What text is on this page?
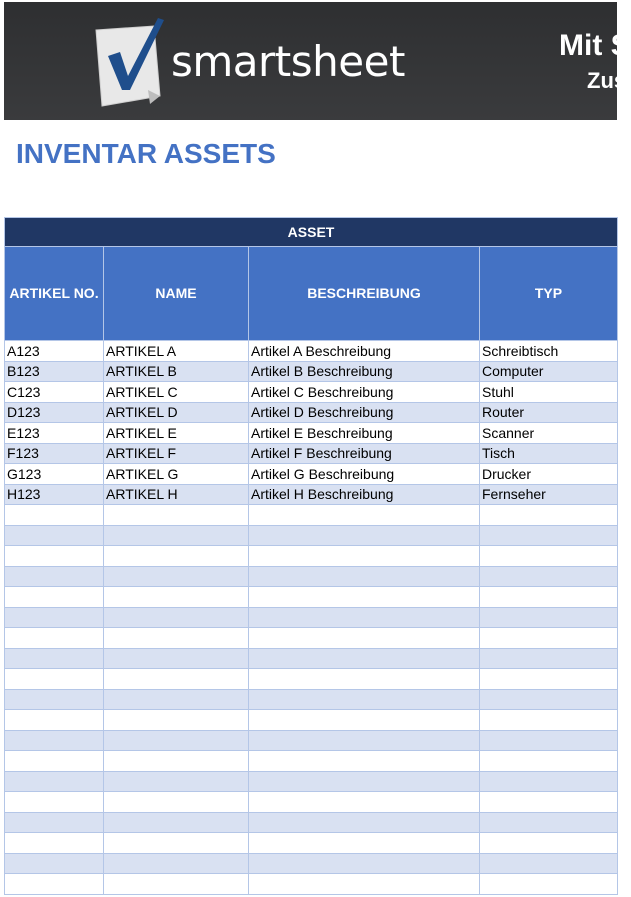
smartsheet	Mit S
Zus
INVENTAR ASSETS
ASSET			
ARTIKEL NO.	NAME	BESCHREIBUNG	TYP
A123	ARTIKEL A	Artikel A Beschreibung	Schreibtisch
B123	ARTIKEL B	Artikel B Beschreibung	Computer
C123	ARTIKEL C	Artikel C Beschreibung	Stuhl
D123	ARTIKEL D	Artikel D Beschreibung	Router
E123	ARTIKEL E	Artikel E Beschreibung	Scanner
F123	ARTIKEL F	Artikel F Beschreibung	Tisch
G123	ARTIKEL G	Artikel G Beschreibung	Drucker
H123	ARTIKEL H	Artikel H Beschreibung	Fernseher
